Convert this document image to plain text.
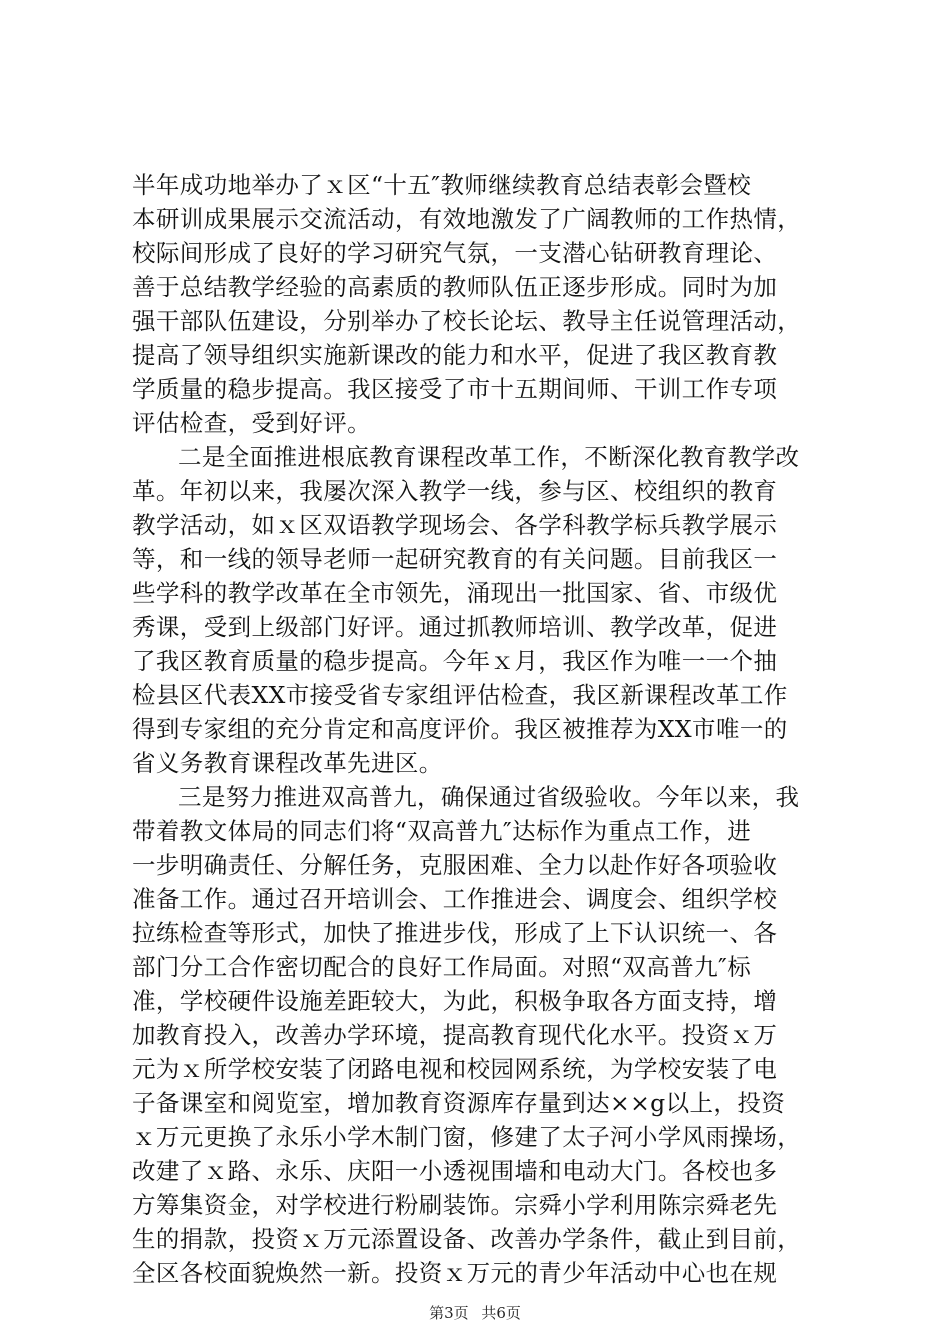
半年成功地举办了ｘ区“十五″教师继续教育总结表彰会暨校
本研训成果展示交流活动，有效地激发了广阔教师的工作热情，
校际间形成了良好的学习研究气氛，一支潜心钻研教育理论、
善于总结教学经验的高素质的教师队伍正逐步形成。同时为加
强干部队伍建设，分别举办了校长论坛、教导主任说管理活动，
提高了领导组织实施新课改的能力和水平，促进了我区教育教
学质量的稳步提高。我区接受了市十五期间师、干训工作专项
评估检查，受到好评。
二是全面推进根底教育课程改革工作，不断深化教育教学改
革。年初以来，我屡次深入教学一线，参与区、校组织的教育
教学活动，如ｘ区双语教学现场会、各学科教学标兵教学展示
等，和一线的领导老师一起研究教育的有关问题。目前我区一
些学科的教学改革在全市领先，涌现出一批国家、省、市级优
秀课，受到上级部门好评。通过抓教师培训、教学改革，促进
了我区教育质量的稳步提高。今年ｘ月，我区作为唯一一个抽
检县区代表XX市接受省专家组评估检查，我区新课程改革工作
得到专家组的充分肯定和高度评价。我区被推荐为XX市唯一的
省义务教育课程改革先进区。
三是努力推进双高普九，确保通过省级验收。今年以来，我
带着教文体局的同志们将“双高普九″达标作为重点工作，进
一步明确责任、分解任务，克服困难、全力以赴作好各项验收
准备工作。通过召开培训会、工作推进会、调度会、组织学校
拉练检查等形式，加快了推进步伐，形成了上下认识统一、各
部门分工合作密切配合的良好工作局面。对照“双高普九″标
准，学校硬件设施差距较大，为此，积极争取各方面支持，增
加教育投入，改善办学环境，提高教育现代化水平。投资ｘ万
元为ｘ所学校安装了闭路电视和校园网系统，为学校安装了电
子备课室和阅览室，增加教育资源库存量到达××g以上，投资
ｘ万元更换了永乐小学木制门窗，修建了太子河小学风雨操场，
改建了ｘ路、永乐、庆阳一小透视围墙和电动大门。各校也多
方筹集资金，对学校进行粉刷装饰。宗舜小学利用陈宗舜老先
生的捐款，投资ｘ万元添置设备、改善办学条件，截止到目前，
全区各校面貌焕然一新。投资ｘ万元的青少年活动中心也在规
第3页 共6页
